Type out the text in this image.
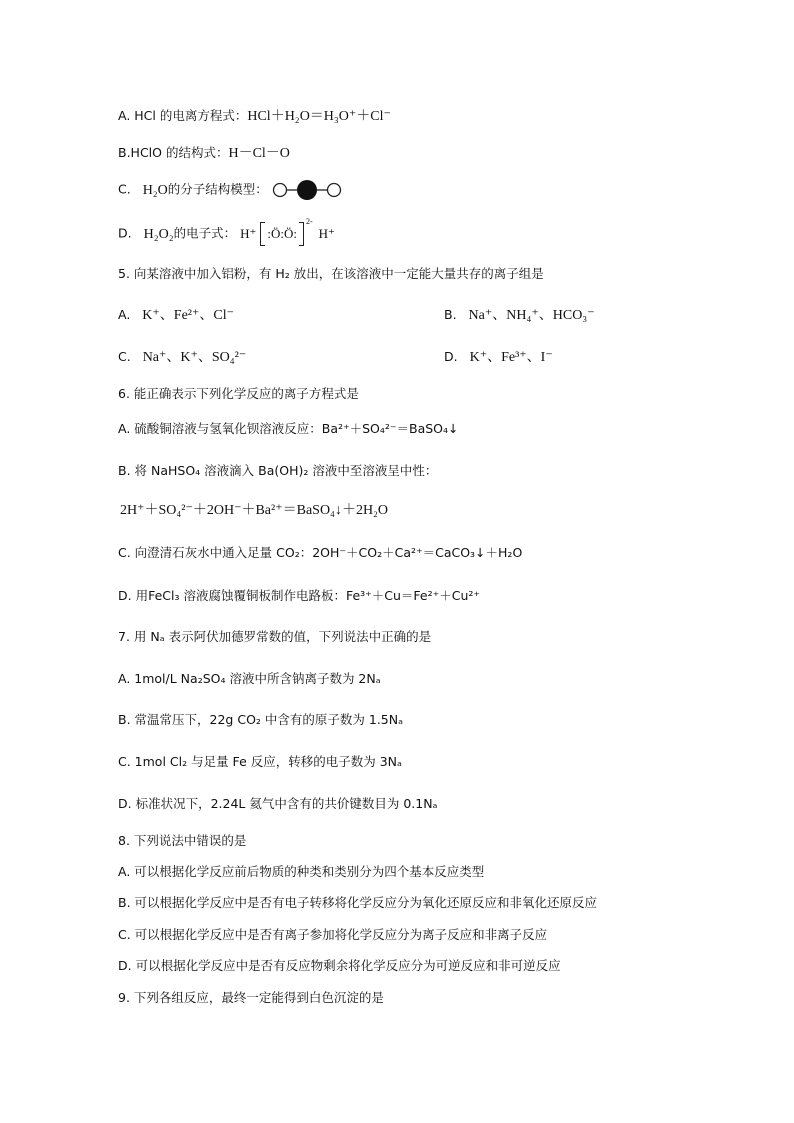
A. HCl 的电离方程式：HCl＋H₂O＝H₃O⁺＋Cl⁻
B.HClO 的结构式：H－Cl－O
C. H₂O的分子结构模型：
D. H₂O₂的电子式： H⁺ :Ö:Ö:
2-
H⁺
5. 向某溶液中加入铝粉，有 H₂ 放出，在该溶液中一定能大量共存的离子组是
A. K⁺、Fe²⁺、Cl⁻	B. Na⁺、NH₄⁺、HCO₃⁻
C. Na⁺、K⁺、SO₄²⁻	D. K⁺、Fe³⁺、I⁻
6. 能正确表示下列化学反应的离子方程式是
A. 硫酸铜溶液与氢氧化钡溶液反应：Ba²⁺＋SO₄²⁻＝BaSO₄↓
B. 将 NaHSO₄ 溶液滴入 Ba(OH)₂ 溶液中至溶液呈中性：
2H⁺＋SO₄²⁻＋2OH⁻＋Ba²⁺＝BaSO₄↓＋2H₂O
C. 向澄清石灰水中通入足量 CO₂：2OH⁻＋CO₂＋Ca²⁺＝CaCO₃↓＋H₂O
D. 用FeCl₃ 溶液腐蚀覆铜板制作电路板：Fe³⁺＋Cu＝Fe²⁺＋Cu²⁺
7. 用 Nₐ 表示阿伏加德罗常数的值，下列说法中正确的是
A. 1mol/L Na₂SO₄ 溶液中所含钠离子数为 2Nₐ
B. 常温常压下，22g CO₂ 中含有的原子数为 1.5Nₐ
C. 1mol Cl₂ 与足量 Fe 反应，转移的电子数为 3Nₐ
D. 标准状况下，2.24L 氦气中含有的共价键数目为 0.1Nₐ
8. 下列说法中错误的是
A. 可以根据化学反应前后物质的种类和类别分为四个基本反应类型
B. 可以根据化学反应中是否有电子转移将化学反应分为氧化还原反应和非氧化还原反应
C. 可以根据化学反应中是否有离子参加将化学反应分为离子反应和非离子反应
D. 可以根据化学反应中是否有反应物剩余将化学反应分为可逆反应和非可逆反应
9. 下列各组反应，最终一定能得到白色沉淀的是
